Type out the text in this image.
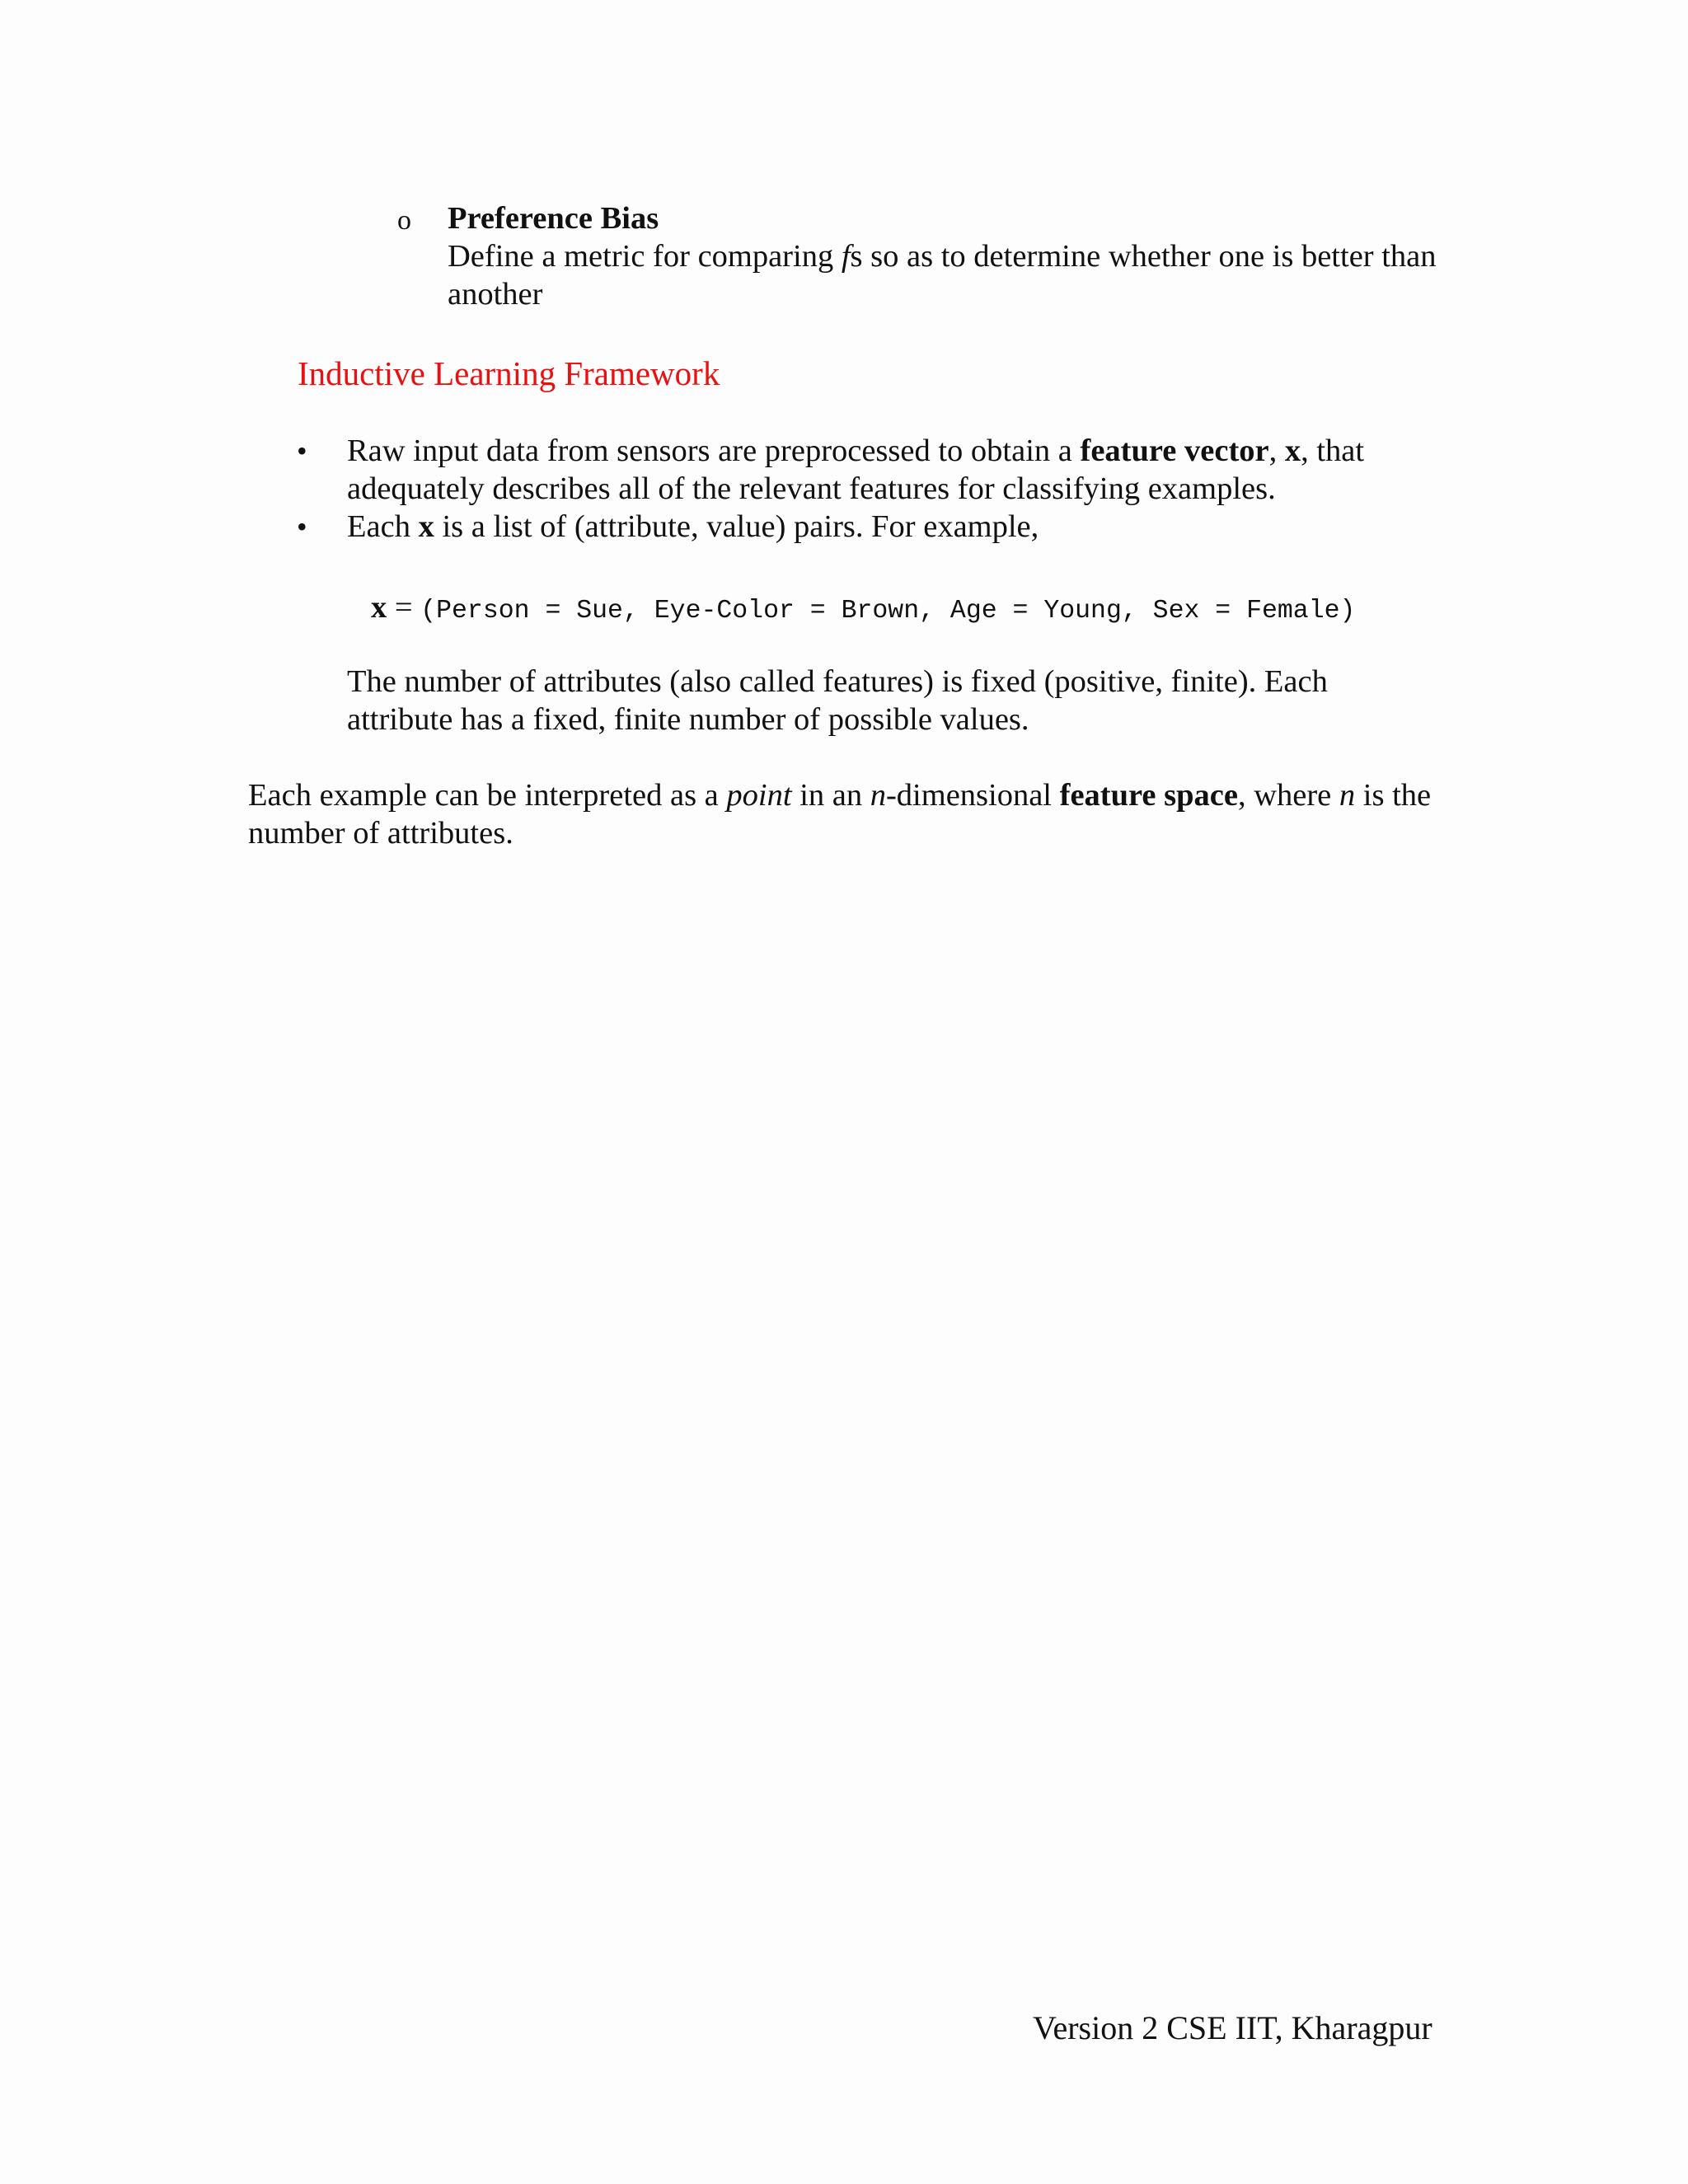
o Preference Bias
Define a metric for comparing fs so as to determine whether one is better than another
Inductive Learning Framework
• Raw input data from sensors are preprocessed to obtain a feature vector, x, that adequately describes all of the relevant features for classifying examples.
• Each x is a list of (attribute, value) pairs. For example,
x = (Person = Sue, Eye-Color = Brown, Age = Young, Sex = Female)
The number of attributes (also called features) is fixed (positive, finite). Each attribute has a fixed, finite number of possible values.
Each example can be interpreted as a point in an n-dimensional feature space, where n is the number of attributes.
Version 2 CSE IIT, Kharagpur
